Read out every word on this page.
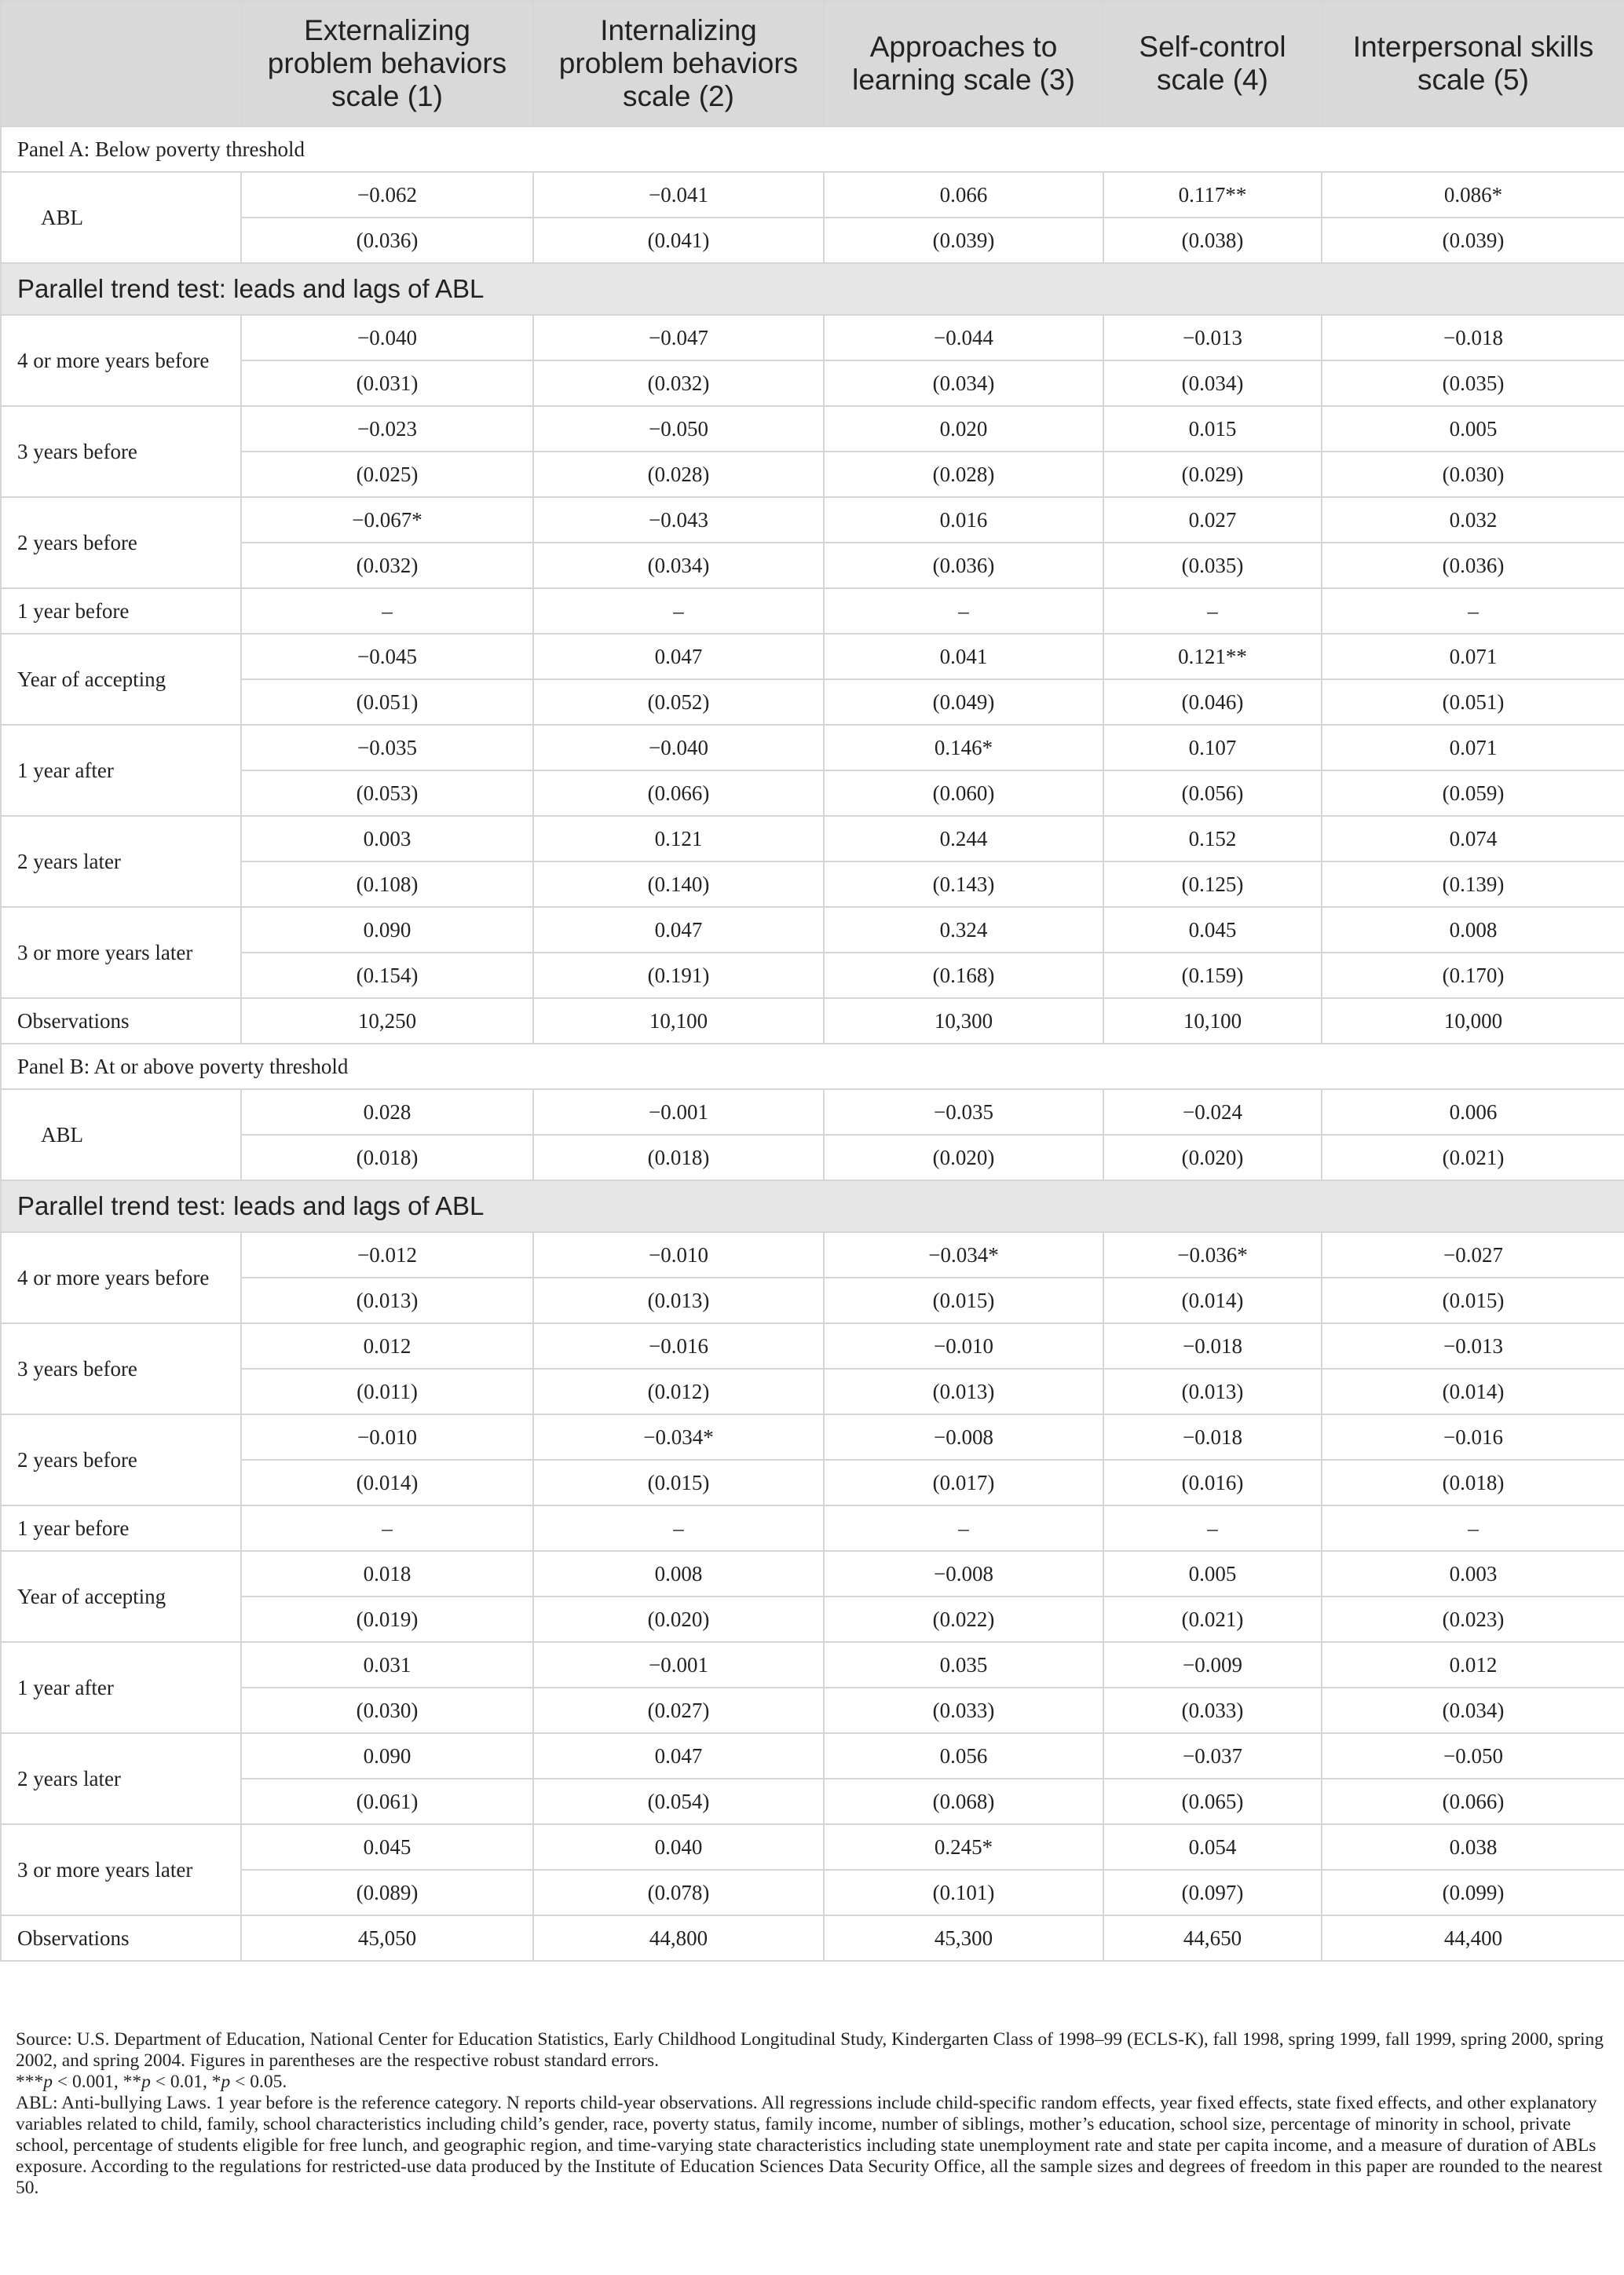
	Externalizing
problem behaviors
scale (1)	Internalizing
problem behaviors
scale (2)	Approaches to
learning scale (3)	Self-control
scale (4)	Interpersonal skills
scale (5)

Panel A: Below poverty threshold					
ABL	−0.062	−0.041	0.066	0.117**	0.086*
	(0.036)	(0.041)	(0.039)	(0.038)	(0.039)
Parallel trend test: leads and lags of ABL					
4 or more years before	−0.040	−0.047	−0.044	−0.013	−0.018
	(0.031)	(0.032)	(0.034)	(0.034)	(0.035)
3 years before	−0.023	−0.050	0.020	0.015	0.005
	(0.025)	(0.028)	(0.028)	(0.029)	(0.030)
2 years before	−0.067*	−0.043	0.016	0.027	0.032
	(0.032)	(0.034)	(0.036)	(0.035)	(0.036)
1 year before	–	–	–	–	–
Year of accepting	−0.045	0.047	0.041	0.121**	0.071
	(0.051)	(0.052)	(0.049)	(0.046)	(0.051)
1 year after	−0.035	−0.040	0.146*	0.107	0.071
	(0.053)	(0.066)	(0.060)	(0.056)	(0.059)
2 years later	0.003	0.121	0.244	0.152	0.074
	(0.108)	(0.140)	(0.143)	(0.125)	(0.139)
3 or more years later	0.090	0.047	0.324	0.045	0.008
	(0.154)	(0.191)	(0.168)	(0.159)	(0.170)
Observations	10,250	10,100	10,300	10,100	10,000
Panel B: At or above poverty threshold					
ABL	0.028	−0.001	−0.035	−0.024	0.006
	(0.018)	(0.018)	(0.020)	(0.020)	(0.021)
Parallel trend test: leads and lags of ABL					
4 or more years before	−0.012	−0.010	−0.034*	−0.036*	−0.027
	(0.013)	(0.013)	(0.015)	(0.014)	(0.015)
3 years before	0.012	−0.016	−0.010	−0.018	−0.013
	(0.011)	(0.012)	(0.013)	(0.013)	(0.014)
2 years before	−0.010	−0.034*	−0.008	−0.018	−0.016
	(0.014)	(0.015)	(0.017)	(0.016)	(0.018)
1 year before	–	–	–	–	–
Year of accepting	0.018	0.008	−0.008	0.005	0.003
	(0.019)	(0.020)	(0.022)	(0.021)	(0.023)
1 year after	0.031	−0.001	0.035	−0.009	0.012
	(0.030)	(0.027)	(0.033)	(0.033)	(0.034)
2 years later	0.090	0.047	0.056	−0.037	−0.050
	(0.061)	(0.054)	(0.068)	(0.065)	(0.066)
3 or more years later	0.045	0.040	0.245*	0.054	0.038
	(0.089)	(0.078)	(0.101)	(0.097)	(0.099)
Observations	45,050	44,800	45,300	44,650	44,400

Source: U.S. Department of Education, National Center for Education Statistics, Early Childhood Longitudinal Study, Kindergarten Class of 1998–99 (ECLS-K), fall 1998, spring 1999, fall 1999, spring 2000, spring 2002, and spring 2004. Figures in parentheses are the respective robust standard errors.

***p < 0.001, **p < 0.01, *p < 0.05.

ABL: Anti-bullying Laws. 1 year before is the reference category. N reports child-year observations. All regressions include child-specific random effects, year fixed effects, state fixed effects, and other explanatory variables related to child, family, school characteristics including child’s gender, race, poverty status, family income, number of siblings, mother’s education, school size, percentage of minority in school, private school, percentage of students eligible for free lunch, and geographic region, and time-varying state characteristics including state unemployment rate and state per capita income, and a measure of duration of ABLs exposure. According to the regulations for restricted-use data produced by the Institute of Education Sciences Data Security Office, all the sample sizes and degrees of freedom in this paper are rounded to the nearest 50.
